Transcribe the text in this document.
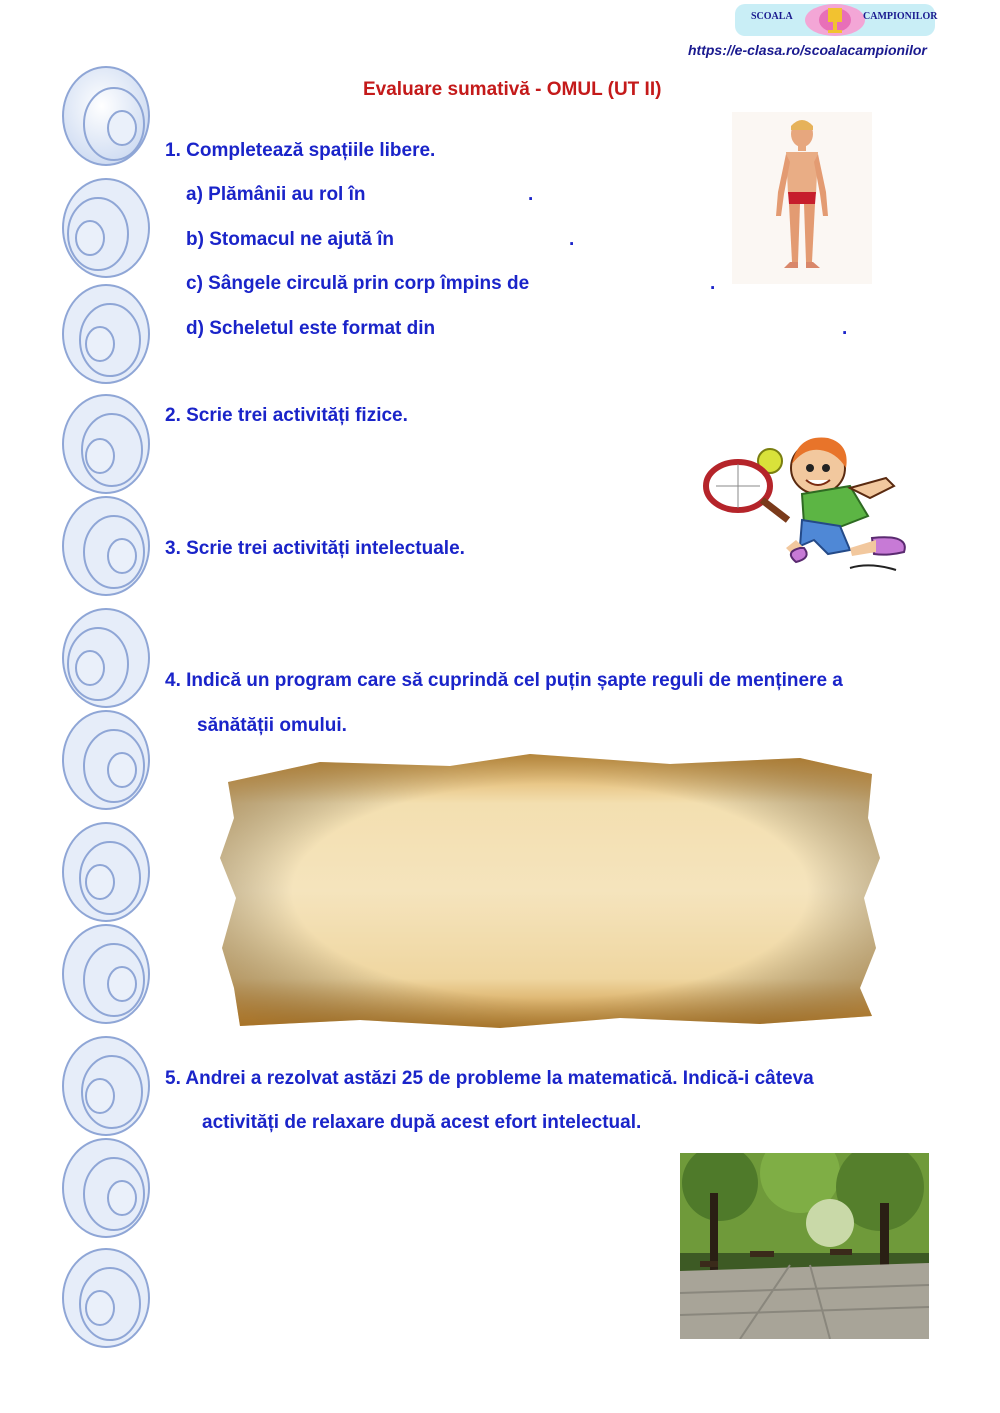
SCOALA	CAMPIONILOR
https://e-clasa.ro/scoalacampionilor
Evaluare sumativă - OMUL (UT II)
1. Completează spațiile libere.
a) Plămânii au rol în	.
b) Stomacul ne ajută în	.
c) Sângele circulă prin corp împins de	.
d) Scheletul este format din	.
2. Scrie trei activități fizice.
3. Scrie trei activități intelectuale.
4. Indică un program care să cuprindă cel puțin șapte reguli de menținere a
sănătății omului.
5. Andrei a rezolvat astăzi 25 de probleme la matematică. Indică-i câteva
activități de relaxare după acest efort intelectual.
